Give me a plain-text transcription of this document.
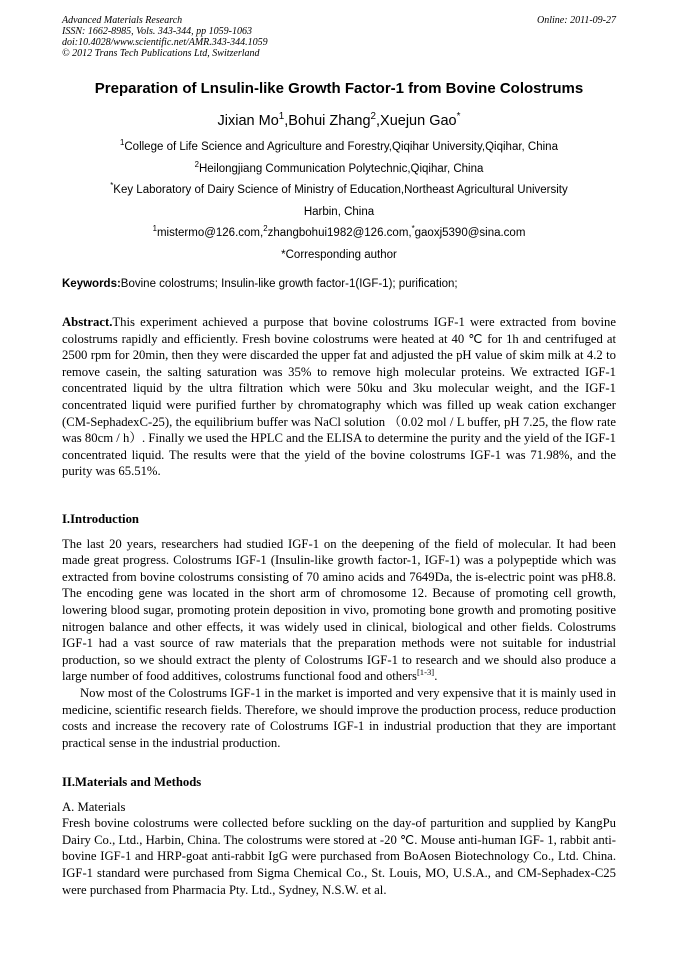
Advanced Materials Research
ISSN: 1662-8985, Vols. 343-344, pp 1059-1063
doi:10.4028/www.scientific.net/AMR.343-344.1059
© 2012 Trans Tech Publications Ltd, Switzerland
Online: 2011-09-27
Preparation of Lnsulin-like Growth Factor-1 from Bovine Colostrums
Jixian Mo$^1$,Bohui Zhang$^2$,Xuejun Gao*
$^1$College of Life Science and Agriculture and Forestry,Qiqihar University,Qiqihar, China
$^2$Heilongjiang Communication Polytechnic,Qiqihar, China
*Key Laboratory of Dairy Science of Ministry of Education,Northeast Agricultural University
Harbin, China
$^1$mistermo@126.com,$^2$zhangbohui1982@126.com,*gaoxj5390@sina.com
*Corresponding author
Keywords:Bovine colostrums; Insulin-like growth factor-1(IGF-1); purification;
Abstract.This experiment achieved a purpose that bovine colostrums IGF-1 were extracted from bovine colostrums rapidly and efficiently. Fresh bovine colostrums were heated at 40 ℃ for 1h and centrifuged at 2500 rpm for 20min, then they were discarded the upper fat and adjusted the pH value of skim milk at 4.2 to remove casein, the salting saturation was 35% to remove high molecular proteins. We extracted IGF-1 concentrated liquid by the ultra filtration which were 50ku and 3ku molecular weight, and the IGF-1 concentrated liquid were purified further by chromatography which was filled up weak cation exchanger (CM-SephadexC-25), the equilibrium buffer was NaCl solution （0.02 mol / L buffer, pH 7.25, the flow rate was 80cm / h）. Finally we used the HPLC and the ELISA to determine the purity and the yield of the IGF-1 concentrated liquid. The results were that the yield of the bovine colostrums IGF-1 was 71.98%, and the purity was 65.51%.
I.Introduction

The last 20 years, researchers had studied IGF-1 on the deepening of the field of molecular. It had been made great progress. Colostrums IGF-1 (Insulin-like growth factor-1, IGF-1) was a polypeptide which was extracted from bovine colostrums consisting of 70 amino acids and 7649Da, the is-electric point was pH8.8. The encoding gene was located in the short arm of chromosome 12. Because of promoting cell growth, lowering blood sugar, promoting protein deposition in vivo, promoting bone growth and promoting positive nitrogen balance and other effects, it was widely used in clinical, biological and other fields. Colostrums IGF-1 had a vast source of raw materials that the preparation methods were not suitable for industrial production, so we should extract the plenty of Colostrums IGF-1 to research and we should also produce a large number of food additives, colostrums functional food and others[1-3].

Now most of the Colostrums IGF-1 in the market is imported and very expensive that it is mainly used in medicine, scientific research fields. Therefore, we should improve the production process, reduce production costs and increase the recovery rate of Colostrums IGF-1 in industrial production that they are important practical sense in the industrial production.

II.Materials and Methods

A. Materials

Fresh bovine colostrums were collected before suckling on the day-of parturition and supplied by KangPu Dairy Co., Ltd., Harbin, China. The colostrums were stored at -20 ℃. Mouse anti-human IGF- 1, rabbit anti-bovine IGF-1 and HRP-goat anti-rabbit IgG were purchased from BoAosen Biotechnology Co., Ltd. China. IGF-1 standard were purchased from Sigma Chemical Co., St. Louis, MO, U.S.A., and CM-Sephadex-C25 were purchased from Pharmacia Pty. Ltd., Sydney, N.S.W. et al.
